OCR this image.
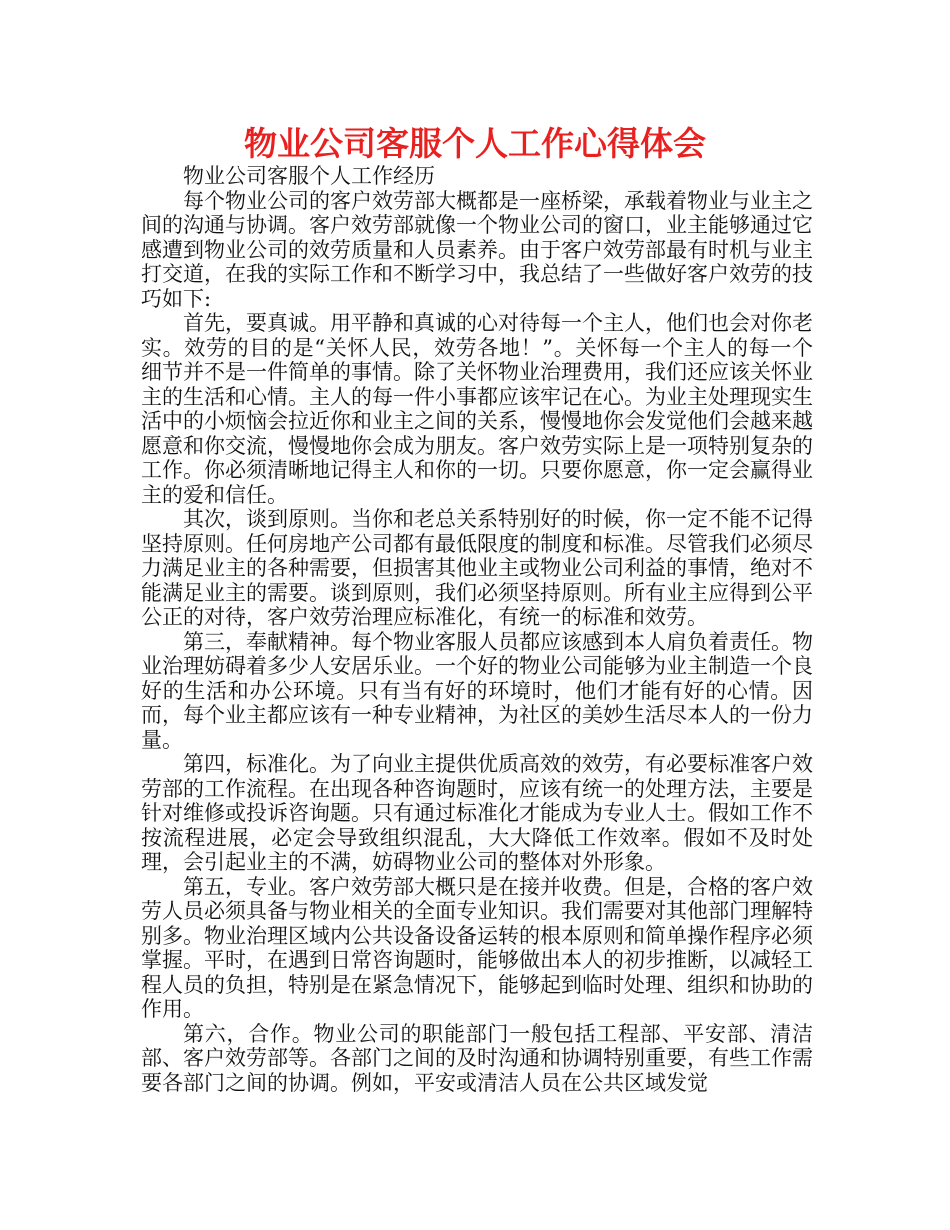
物业公司客服个人工作心得体会

物业公司客服个人工作经历

每个物业公司的客户效劳部大概都是一座桥梁，承载着物业与业主之间的沟通与协调。客户效劳部就像一个物业公司的窗口，业主能够通过它感遭到物业公司的效劳质量和人员素养。由于客户效劳部最有时机与业主打交道，在我的实际工作和不断学习中，我总结了一些做好客户效劳的技巧如下:

首先，要真诚。用平静和真诚的心对待每一个主人，他们也会对你老实。效劳的目的是“关怀人民，效劳各地！”。关怀每一个主人的每一个细节并不是一件简单的事情。除了关怀物业治理费用，我们还应该关怀业主的生活和心情。主人的每一件小事都应该牢记在心。为业主处理现实生活中的小烦恼会拉近你和业主之间的关系，慢慢地你会发觉他们会越来越愿意和你交流，慢慢地你会成为朋友。客户效劳实际上是一项特别复杂的工作。你必须清晰地记得主人和你的一切。只要你愿意，你一定会赢得业主的爱和信任。

其次，谈到原则。当你和老总关系特别好的时候，你一定不能不记得坚持原则。任何房地产公司都有最低限度的制度和标准。尽管我们必须尽力满足业主的各种需要，但损害其他业主或物业公司利益的事情，绝对不能满足业主的需要。谈到原则，我们必须坚持原则。所有业主应得到公平公正的对待，客户效劳治理应标准化，有统一的标准和效劳。

第三，奉献精神。每个物业客服人员都应该感到本人肩负着责任。物业治理妨碍着多少人安居乐业。一个好的物业公司能够为业主制造一个良好的生活和办公环境。只有当有好的环境时，他们才能有好的心情。因而，每个业主都应该有一种专业精神，为社区的美妙生活尽本人的一份力量。

第四，标准化。为了向业主提供优质高效的效劳，有必要标准客户效劳部的工作流程。在出现各种咨询题时，应该有统一的处理方法，主要是针对维修或投诉咨询题。只有通过标准化才能成为专业人士。假如工作不按流程进展，必定会导致组织混乱，大大降低工作效率。假如不及时处理，会引起业主的不满，妨碍物业公司的整体对外形象。

第五，专业。客户效劳部大概只是在接并收费。但是，合格的客户效劳人员必须具备与物业相关的全面专业知识。我们需要对其他部门理解特别多。物业治理区域内公共设备设备运转的根本原则和简单操作程序必须掌握。平时，在遇到日常咨询题时，能够做出本人的初步推断，以减轻工程人员的负担，特别是在紧急情况下，能够起到临时处理、组织和协助的作用。

第六，合作。物业公司的职能部门一般包括工程部、平安部、清洁部、客户效劳部等。各部门之间的及时沟通和协调特别重要，有些工作需要各部门之间的协调。例如，平安或清洁人员在公共区域发觉
